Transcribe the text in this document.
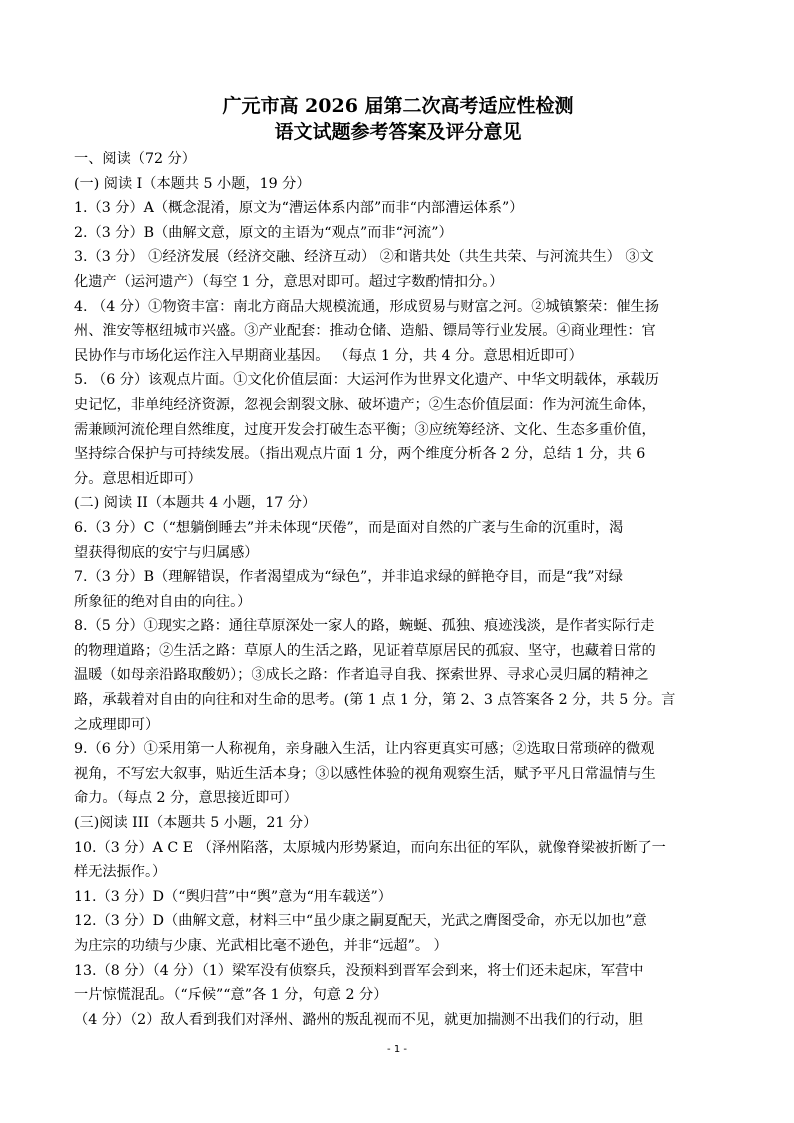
广元市高 2026 届第二次高考适应性检测
语文试题参考答案及评分意见

一、阅读（72 分）

(一) 阅读 I（本题共 5 小题，19 分）

1.（3 分）A（概念混淆，原文为“漕运体系内部”而非“内部漕运体系”）

2.（3 分）B（曲解文意，原文的主语为“观点”而非“河流”）

3.（3 分） ①经济发展（经济交融、经济互动） ②和谐共处（共生共荣、与河流共生） ③文

化遗产（运河遗产）（每空 1 分，意思对即可。超过字数酌情扣分。）

4. （4 分）①物资丰富：南北方商品大规模流通，形成贸易与财富之河。②城镇繁荣：催生扬

州、淮安等枢纽城市兴盛。③产业配套：推动仓储、造船、镖局等行业发展。④商业理性：官

民协作与市场化运作注入早期商业基因。 （每点 1 分，共 4 分。意思相近即可）

5. （6 分）该观点片面。①文化价值层面：大运河作为世界文化遗产、中华文明载体，承载历

史记忆，非单纯经济资源，忽视会割裂文脉、破坏遗产；②生态价值层面：作为河流生命体，

需兼顾河流伦理自然维度，过度开发会打破生态平衡；③应统筹经济、文化、生态多重价值，

坚持综合保护与可持续发展。（指出观点片面 1 分，两个维度分析各 2 分，总结 1 分，共 6

分。意思相近即可）

(二) 阅读 II（本题共 4 小题，17 分）

6.（3 分）C（“想躺倒睡去”并未体现“厌倦”，而是面对自然的广袤与生命的沉重时，渴

望获得彻底的安宁与归属感）

7.（3 分）B（理解错误，作者渴望成为“绿色”，并非追求绿的鲜艳夺目，而是“我”对绿

所象征的绝对自由的向往。）

8.（5 分）①现实之路：通往草原深处一家人的路，蜿蜒、孤独、痕迹浅淡，是作者实际行走

的物理道路；②生活之路：草原人的生活之路，见证着草原居民的孤寂、坚守，也藏着日常的

温暖（如母亲沿路取酸奶）；③成长之路：作者追寻自我、探索世界、寻求心灵归属的精神之

路，承载着对自由的向往和对生命的思考。(第 1 点 1 分，第 2、3 点答案各 2 分，共 5 分。言

之成理即可）

9.（6 分）①采用第一人称视角，亲身融入生活，让内容更真实可感；②选取日常琐碎的微观

视角，不写宏大叙事，贴近生活本身；③以感性体验的视角观察生活，赋予平凡日常温情与生

命力。（每点 2 分，意思接近即可）

(三)阅读 III（本题共 5 小题，21 分）

10.（3 分）A C E （泽州陷落，太原城内形势紧迫，而向东出征的军队，就像脊梁被折断了一

样无法振作。）

11.（3 分）D（“舆归营”中“舆”意为“用车载送”）

12.（3 分）D（曲解文意，材料三中“虽少康之嗣夏配天，光武之膺图受命，亦无以加也”意

为庄宗的功绩与少康、光武相比毫不逊色，并非“远超”。 ）

13.（8 分）（4 分）（1）梁军没有侦察兵，没预料到晋军会到来，将士们还未起床，军营中

一片惊慌混乱。（“斥候”“意”各 1 分，句意 2 分）

（4 分）（2）敌人看到我们对泽州、潞州的叛乱视而不见，就更加揣测不出我们的行动，胆

- 1 -
